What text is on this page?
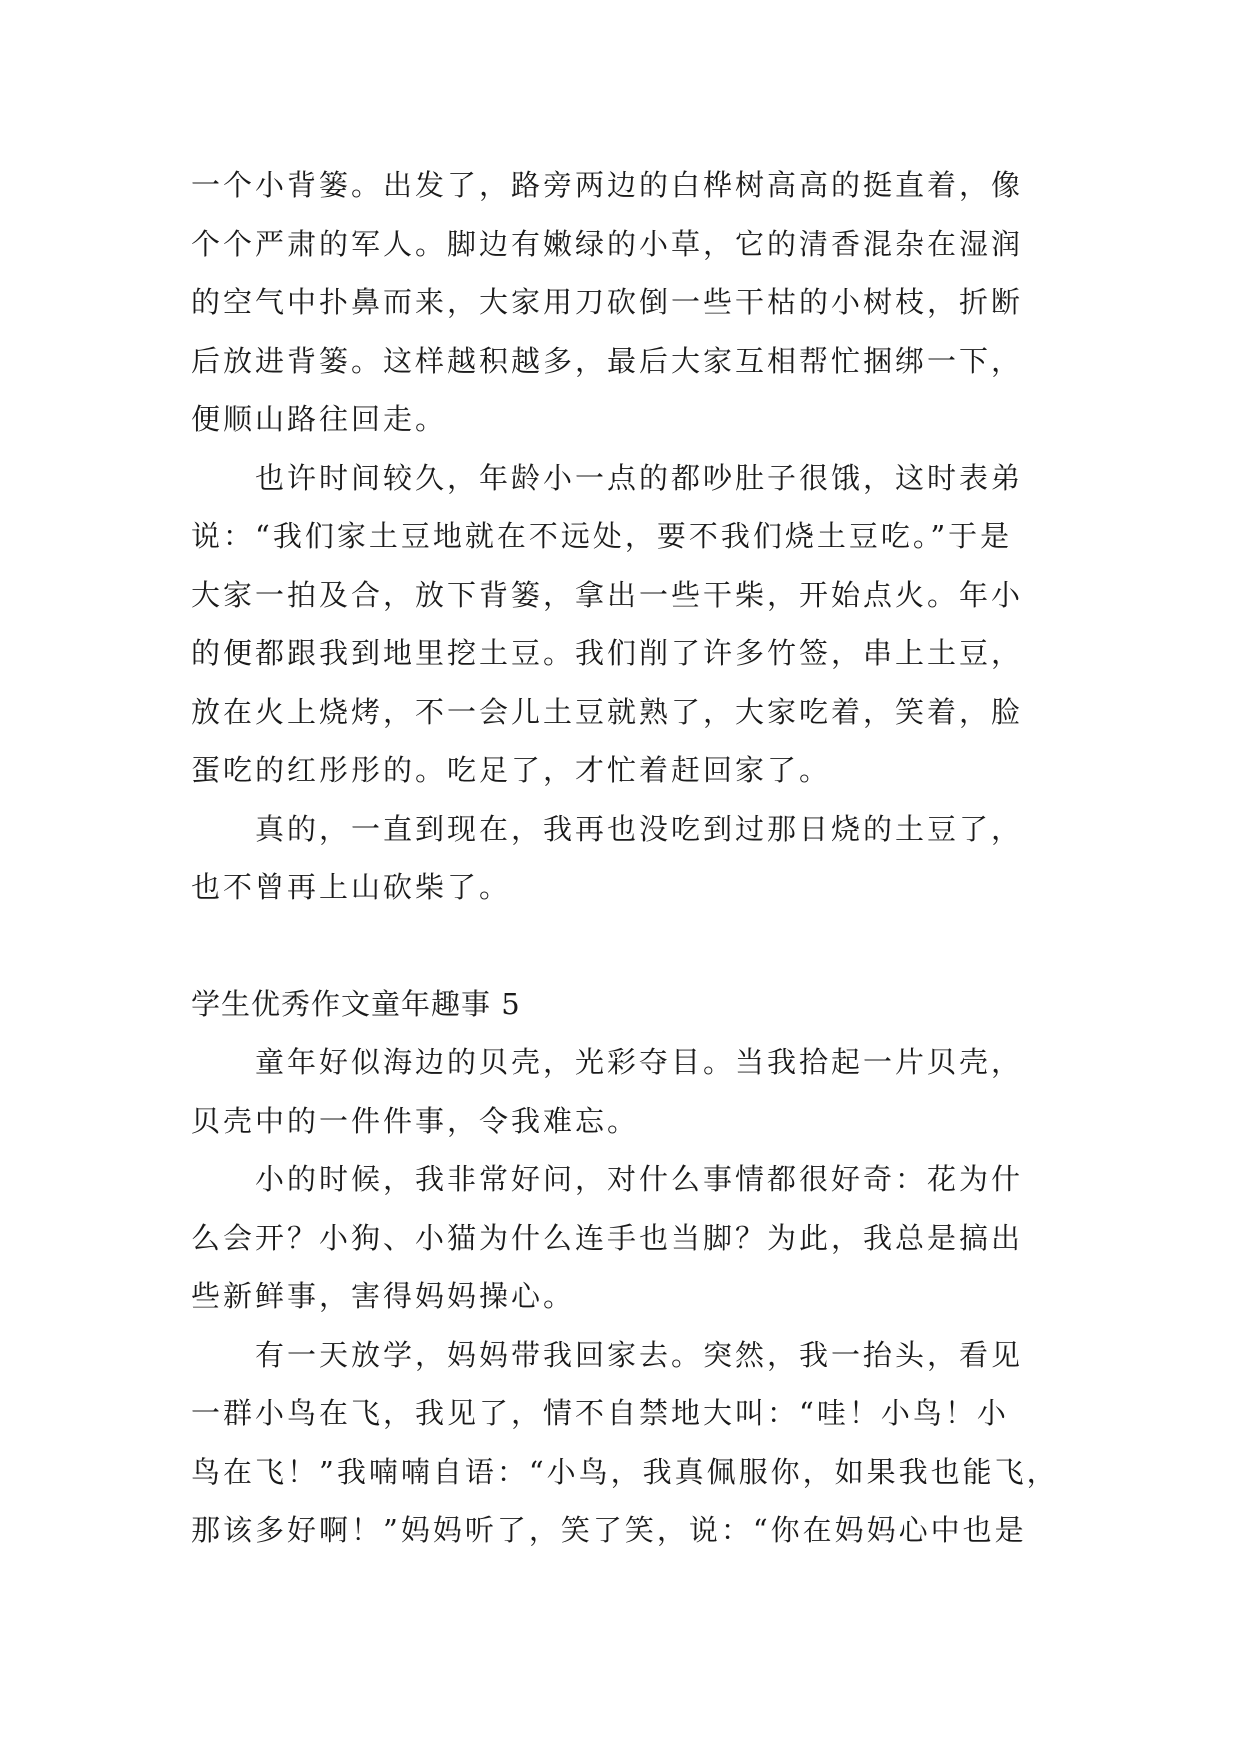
一个小背篓。出发了，路旁两边的白桦树高高的挺直着，像
个个严肃的军人。脚边有嫩绿的小草，它的清香混杂在湿润
的空气中扑鼻而来，大家用刀砍倒一些干枯的小树枝，折断
后放进背篓。这样越积越多，最后大家互相帮忙捆绑一下，
便顺山路往回走。

也许时间较久，年龄小一点的都吵肚子很饿，这时表弟
说：“我们家土豆地就在不远处，要不我们烧土豆吃。”于是
大家一拍及合，放下背篓，拿出一些干柴，开始点火。年小
的便都跟我到地里挖土豆。我们削了许多竹签，串上土豆，
放在火上烧烤，不一会儿土豆就熟了，大家吃着，笑着，脸
蛋吃的红彤彤的。吃足了，才忙着赶回家了。

真的，一直到现在，我再也没吃到过那日烧的土豆了，
也不曾再上山砍柴了。

学生优秀作文童年趣事 5

童年好似海边的贝壳，光彩夺目。当我拾起一片贝壳，
贝壳中的一件件事，令我难忘。

小的时候，我非常好问，对什么事情都很好奇：花为什
么会开？小狗、小猫为什么连手也当脚？为此，我总是搞出
些新鲜事，害得妈妈操心。

有一天放学，妈妈带我回家去。突然，我一抬头，看见
一群小鸟在飞，我见了，情不自禁地大叫：“哇！小鸟！小
鸟在飞！”我喃喃自语：“小鸟，我真佩服你，如果我也能飞，
那该多好啊！”妈妈听了，笑了笑，说：“你在妈妈心中也是
